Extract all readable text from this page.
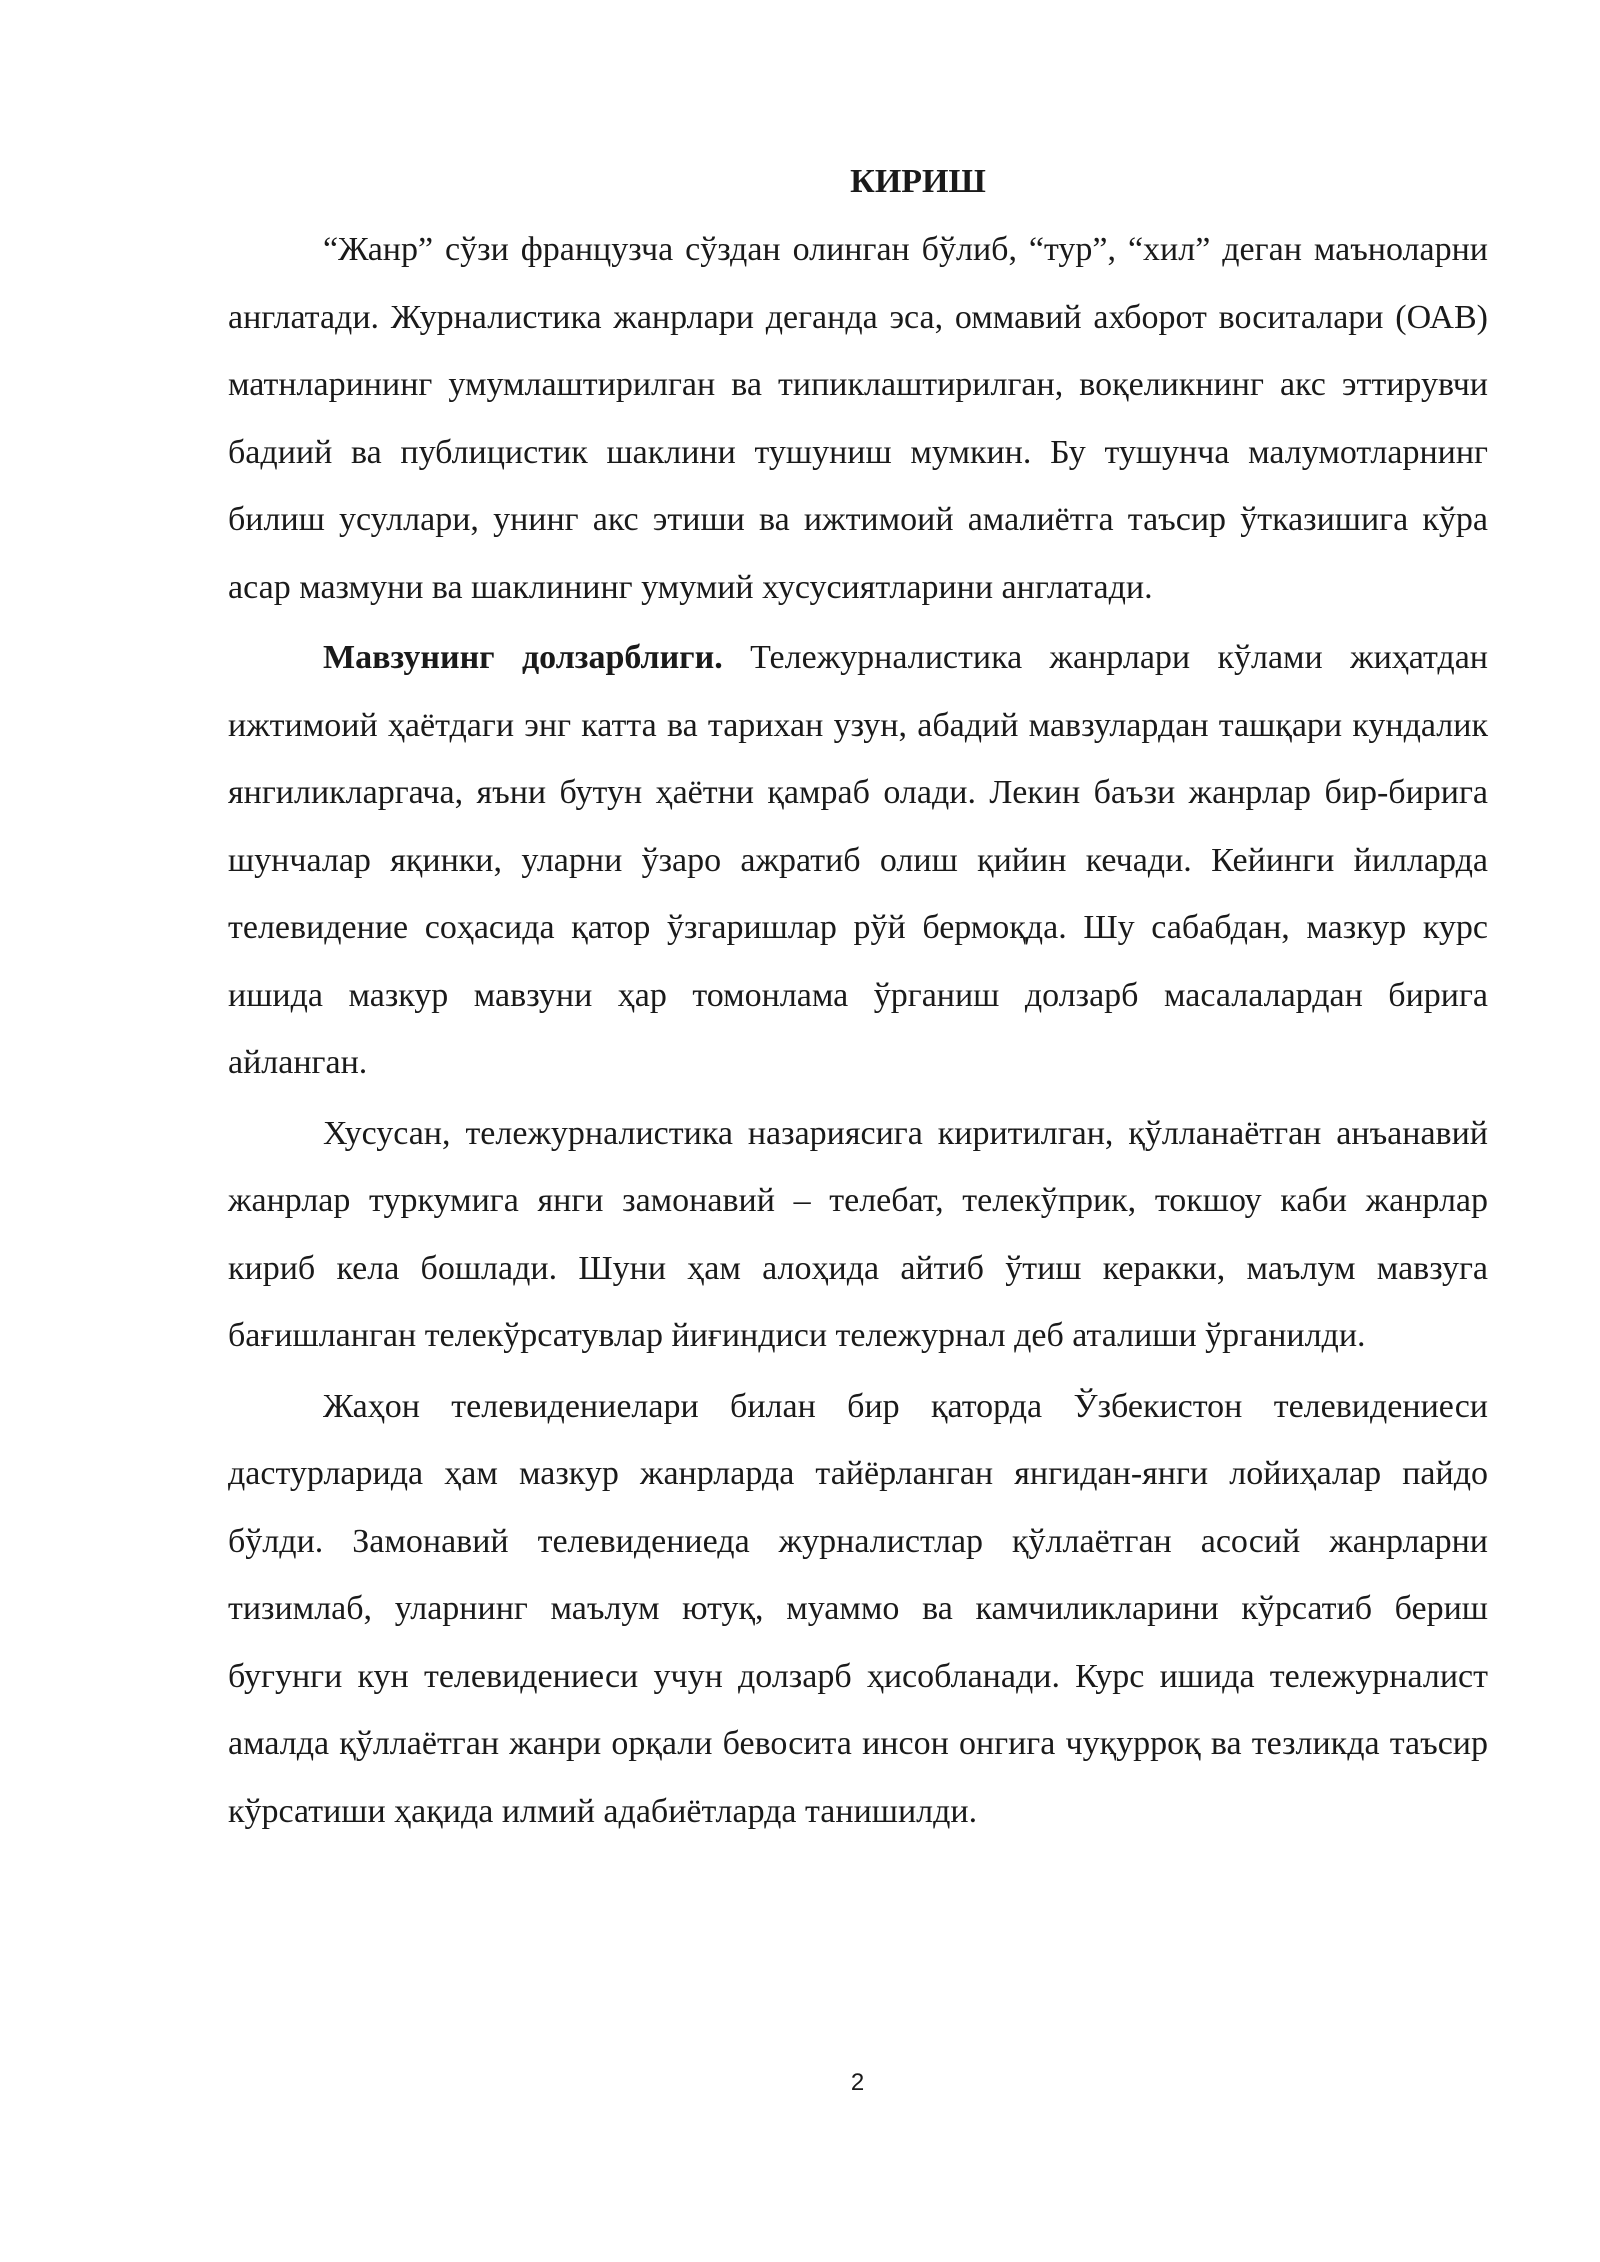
КИРИШ

“Жанр” сўзи французча сўздан олинган бўлиб, “тур”, “хил” деган маъноларни англатади. Журналистика жанрлари деганда эса, оммавий ахборот воситалари (ОАВ) матнларининг умумлаштирилган ва типиклаштирилган, воқеликнинг акс эттирувчи бадиий ва публицистик шаклини тушуниш мумкин. Бу тушунча малумотларнинг билиш усуллари, унинг акс этиши ва ижтимоий амалиётга таъсир ўтказишига кўра асар мазмуни ва шаклининг умумий хусусиятларини англатади.

Мавзунинг долзарблиги. Тележурналистика жанрлари кўлами жиҳатдан ижтимоий ҳаётдаги энг катта ва тарихан узун, абадий мавзулардан ташқари кундалик янгиликларгача, яъни бутун ҳаётни қамраб олади. Лекин баъзи жанрлар бир-бирига шунчалар яқинки, уларни ўзаро ажратиб олиш қийин кечади. Кейинги йилларда телевидение соҳасида қатор ўзгаришлар рўй бермоқда. Шу сабабдан, мазкур курс ишида мазкур мавзуни ҳар томонлама ўрганиш долзарб масалалардан бирига айланган.

Хусусан, тележурналистика назариясига киритилган, қўлланаётган анъанавий жанрлар туркумига янги замонавий – телебат, телекўприк, токшоу каби жанрлар кириб кела бошлади. Шуни ҳам алоҳида айтиб ўтиш керакки, маълум мавзуга бағишланган телекўрсатувлар йиғиндиси тележурнал деб аталиши ўрганилди.

Жаҳон телевидениелари билан бир қаторда Ўзбекистон телевидениеси дастурларида ҳам мазкур жанрларда тайёрланган янгидан-янги лойиҳалар пайдо бўлди. Замонавий телевидениеда журналистлар қўллаётган асосий жанрларни тизимлаб, уларнинг маълум ютуқ, муаммо ва камчиликларини кўрсатиб бериш бугунги кун телевидениеси учун долзарб ҳисобланади. Курс ишида тележурналист амалда қўллаётган жанри орқали бевосита инсон онгига чуқурроқ ва тезликда таъсир кўрсатиши ҳақида илмий адабиётларда танишилди.

2
